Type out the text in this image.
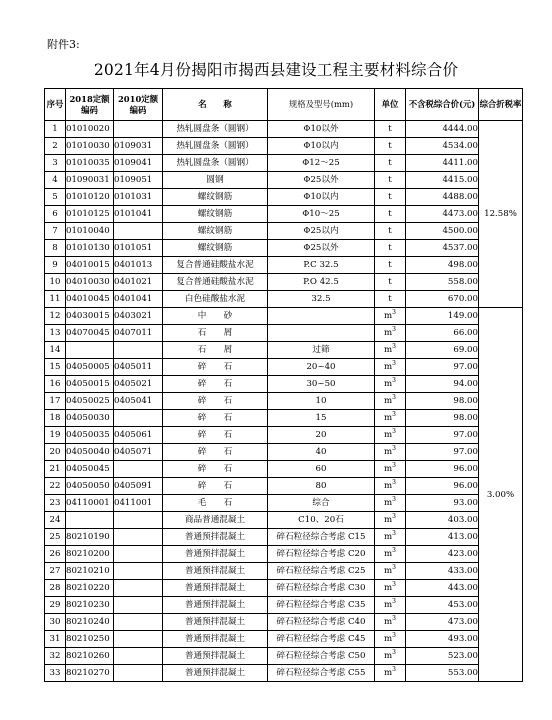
附件3:
2021年4月份揭阳市揭西县建设工程主要材料综合价
序号	2018定额编码	2010定额编码	名　　称	规格及型号(mm)	单位	不含税综合价(元)	综合折税率
1	01010020		热轧圆盘条（圆钢）	Φ10以外	t	4444.00	12.58%
2	01010030	0109031	热轧圆盘条（圆钢）	Φ10以内	t	4534.00	
3	01010035	0109041	热轧圆盘条（圆钢）	Φ12～25	t	4411.00	
4	01090031	0109051	圆钢	Φ25以外	t	4415.00	
5	01010120	0101031	螺纹钢筋	Φ10以内	t	4488.00	
6	01010125	0101041	螺纹钢筋	Φ10～25	t	4473.00	
7	01010040		螺纹钢筋	Φ25以内	t	4500.00	
8	01010130	0101051	螺纹钢筋	Φ25以外	t	4537.00	
9	04010015	0401013	复合普通硅酸盐水泥	P.C 32.5	t	498.00	
10	04010030	0401021	复合普通硅酸盐水泥	P.O 42.5	t	558.00	
11	04010045	0401041	白色硅酸盐水泥	32.5	t	670.00	
12	04030015	0403021	中　　砂		$m^3$	149.00	3.00%
13	04070045	0407011	石　　屑		$m^3$	66.00	
14			石　　屑	过筛	$m^3$	69.00	
15	04050005	0405011	碎　　石	20~40	$m^3$	97.00	
16	04050015	0405021	碎　　石	30~50	$m^3$	94.00	
17	04050025	0405041	碎　　石	10	$m^3$	98.00	
18	04050030		碎　　石	15	$m^3$	98.00	
19	04050035	0405061	碎　　石	20	$m^3$	97.00	
20	04050040	0405071	碎　　石	40	$m^3$	97.00	
21	04050045		碎　　石	60	$m^3$	96.00	
22	04050050	0405091	碎　　石	80	$m^3$	96.00	
23	04110001	0411001	毛　　石	综合	$m^3$	93.00	
24			商品普通混凝土	C10、20石	$m^3$	403.00	
25	80210190		普通预拌混凝土	碎石粒径综合考虑 C15	$m^3$	413.00	
26	80210200		普通预拌混凝土	碎石粒径综合考虑 C20	$m^3$	423.00	
27	80210210		普通预拌混凝土	碎石粒径综合考虑 C25	$m^3$	433.00	
28	80210220		普通预拌混凝土	碎石粒径综合考虑 C30	$m^3$	443.00	
29	80210230		普通预拌混凝土	碎石粒径综合考虑 C35	$m^3$	453.00	
30	80210240		普通预拌混凝土	碎石粒径综合考虑 C40	$m^3$	473.00	
31	80210250		普通预拌混凝土	碎石粒径综合考虑 C45	$m^3$	493.00	
32	80210260		普通预拌混凝土	碎石粒径综合考虑 C50	$m^3$	523.00	
33	80210270		普通预拌混凝土	碎石粒径综合考虑 C55	$m^3$	553.00	
